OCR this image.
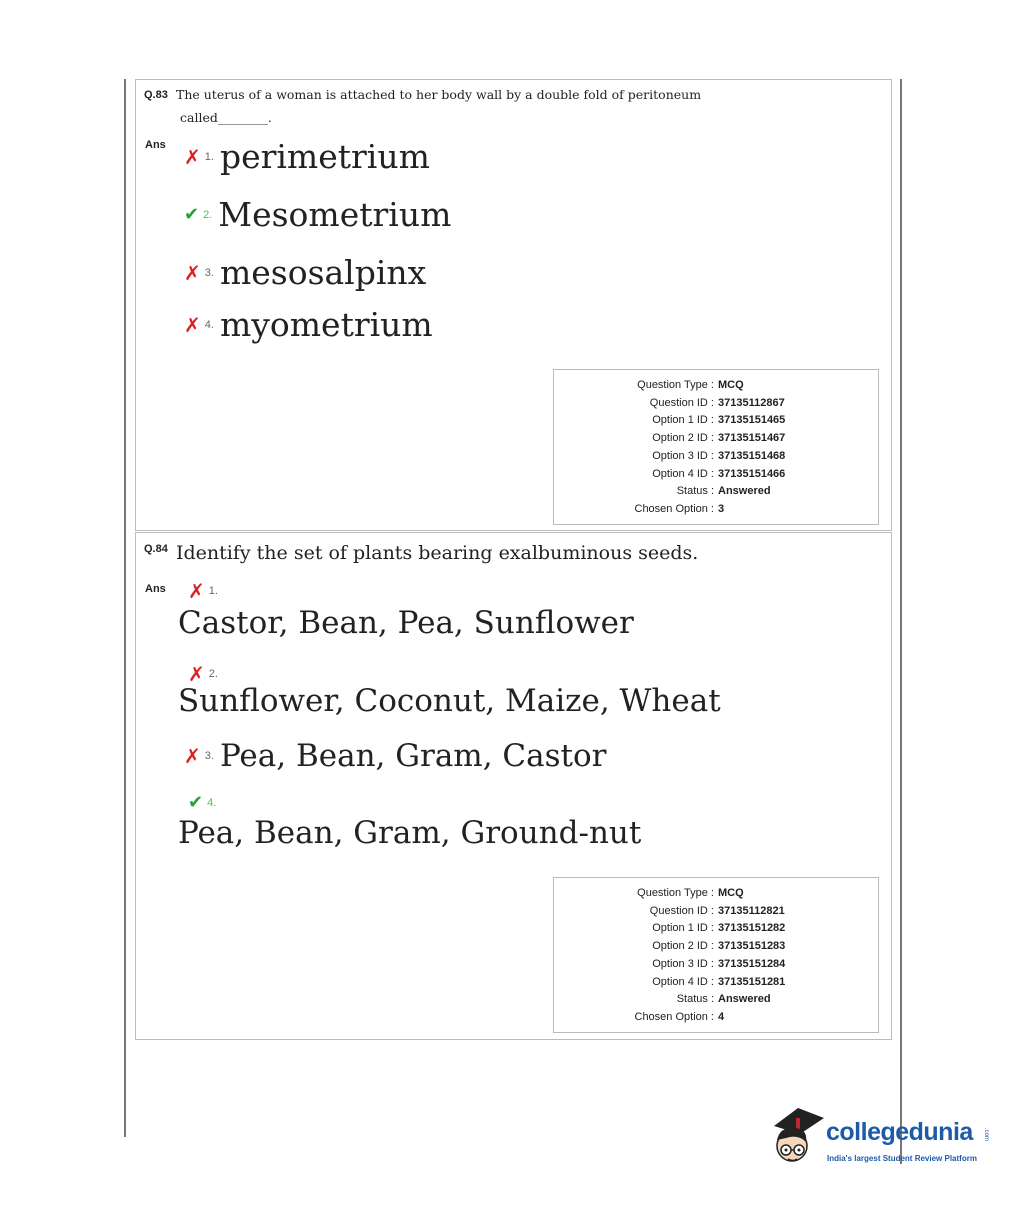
Q.83 The uterus of a woman is attached to her body wall by a double fold of peritoneum
called________.
Ans ✗ 1. perimetrium
✔ 2. Mesometrium
✗ 3. mesosalpinx
✗ 4. myometrium
Question Type : MCQ
Question ID : 37135112867
Option 1 ID : 37135151465
Option 2 ID : 37135151467
Option 3 ID : 37135151468
Option 4 ID : 37135151466
Status : Answered
Chosen Option : 3
Q.84 Identify the set of plants bearing exalbuminous seeds.
Ans ✗ 1.
Castor, Bean, Pea, Sunflower
✗ 2.
Sunflower, Coconut, Maize, Wheat
✗ 3. Pea, Bean, Gram, Castor
✔ 4.
Pea, Bean, Gram, Ground-nut
Question Type : MCQ
Question ID : 37135112821
Option 1 ID : 37135151282
Option 2 ID : 37135151283
Option 3 ID : 37135151284
Option 4 ID : 37135151281
Status : Answered
Chosen Option : 4
collegedunia .com
India's largest Student Review Platform
